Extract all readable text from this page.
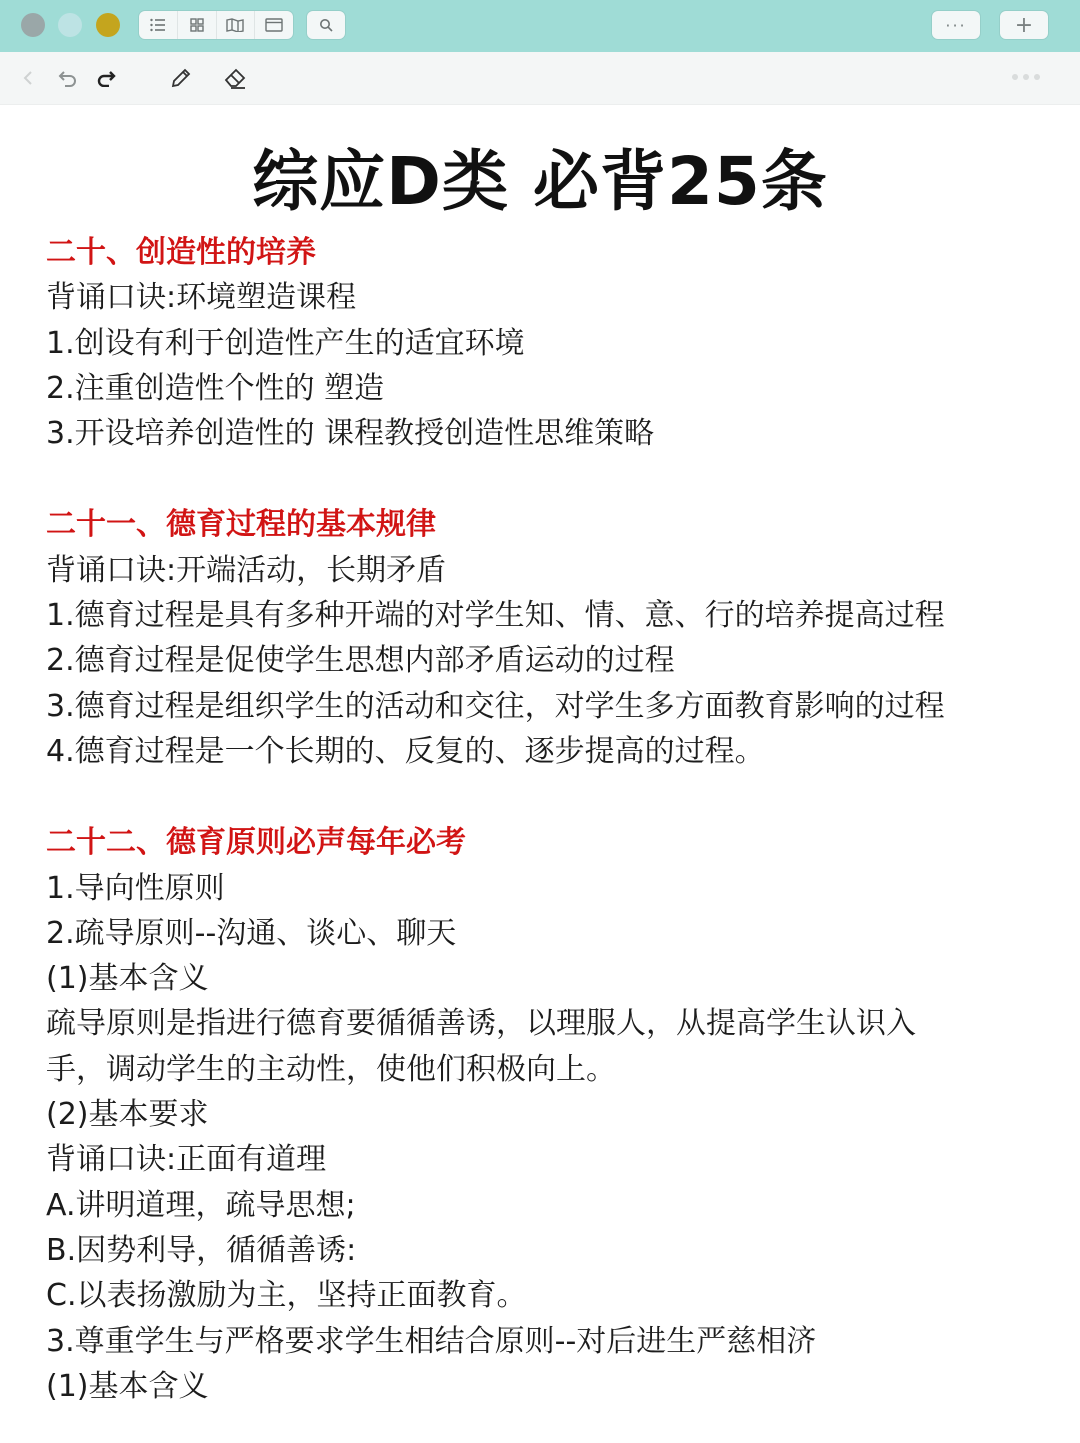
···	+
综应D类 必背25条
二十、创造性的培养
背诵口诀:环境塑造课程
1.创设有利于创造性产生的适宜环境
2.注重创造性个性的 塑造
3.开设培养创造性的 课程教授创造性思维策略
二十一、德育过程的基本规律
背诵口诀:开端活动，长期矛盾
1.德育过程是具有多种开端的对学生知、情、意、行的培养提高过程
2.德育过程是促使学生思想内部矛盾运动的过程
3.德育过程是组织学生的活动和交往，对学生多方面教育影响的过程
4.德育过程是一个长期的、反复的、逐步提高的过程。
二十二、德育原则必声每年必考
1.导向性原则
2.疏导原则--沟通、谈心、聊天
(1)基本含义
疏导原则是指进行德育要循循善诱，以理服人，从提高学生认识入
手，调动学生的主动性，使他们积极向上。
(2)基本要求
背诵口诀:正面有道理
A.讲明道理，疏导思想;
B.因势利导，循循善诱:
C.以表扬激励为主，坚持正面教育。
3.尊重学生与严格要求学生相结合原则--对后进生严慈相济
(1)基本含义
